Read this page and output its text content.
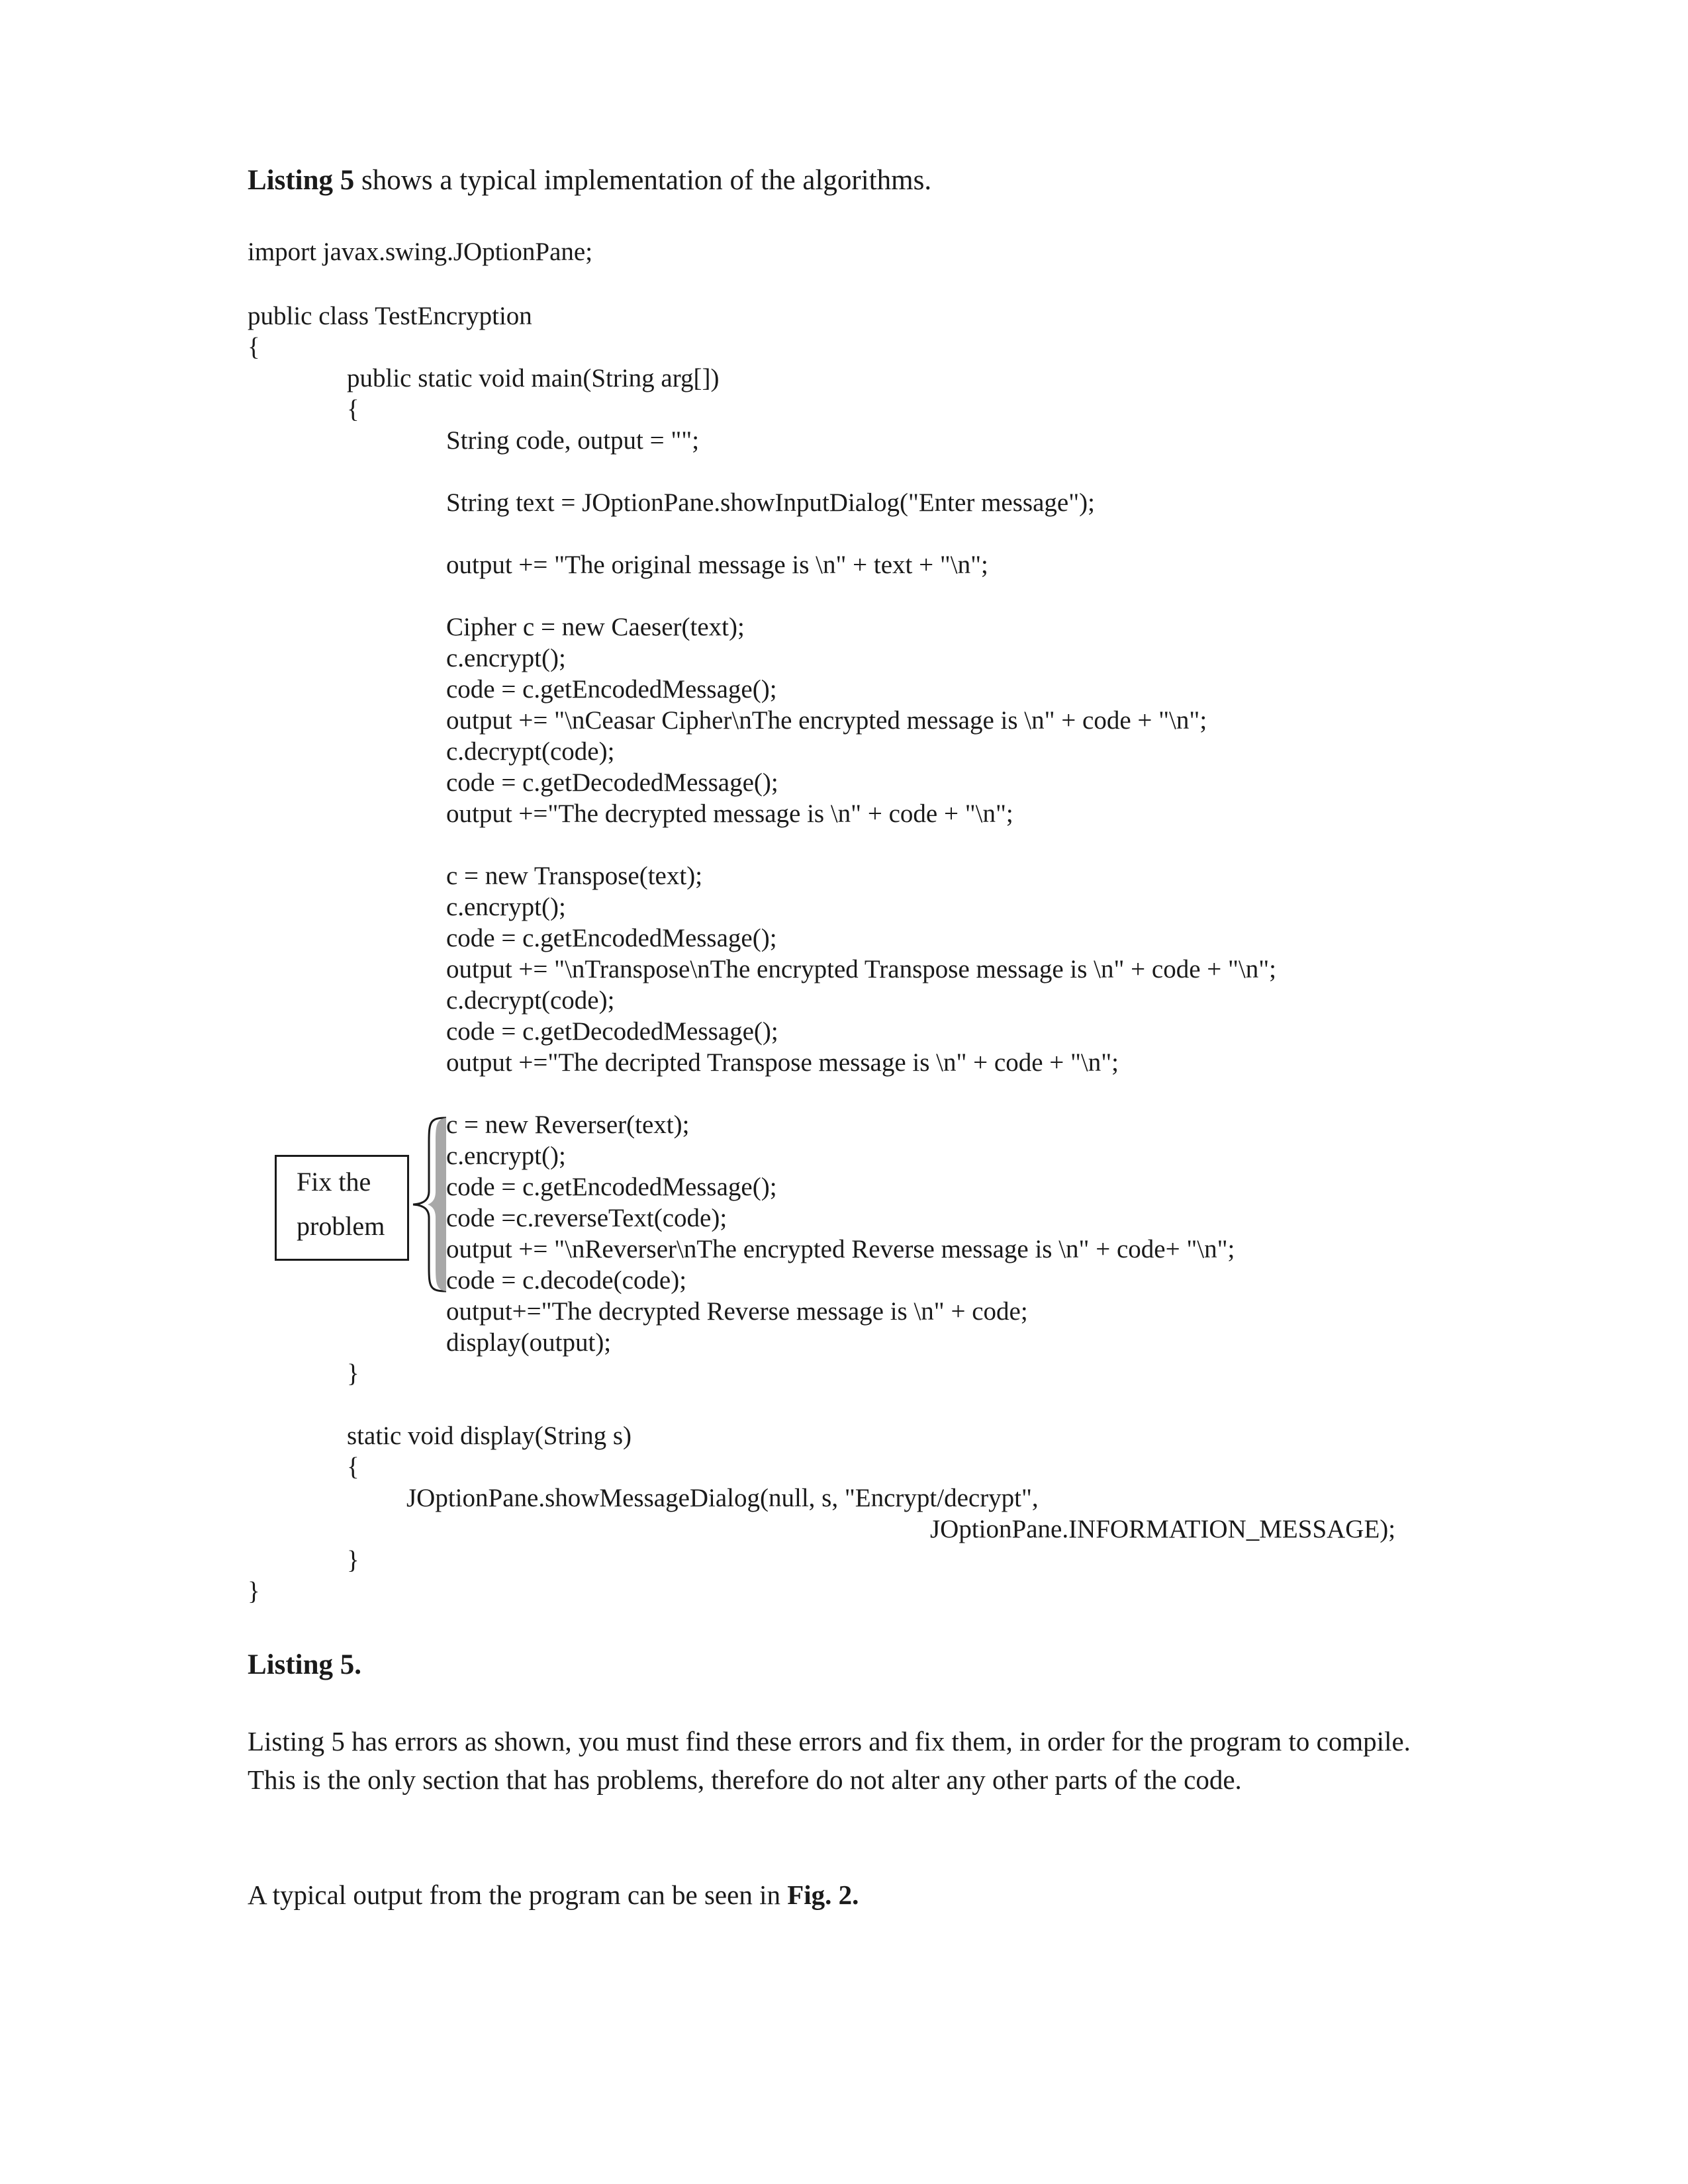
Listing 5 shows a typical implementation of the algorithms.
import javax.swing.JOptionPane;
public class TestEncryption
{
public static void main(String arg[])
{
String code, output = "";
String text = JOptionPane.showInputDialog("Enter message");
output += "The original message is \n" + text + "\n";
Cipher c = new Caeser(text);
c.encrypt();
code = c.getEncodedMessage();
output += "\nCeasar Cipher\nThe encrypted message is \n" + code + "\n";
c.decrypt(code);
code = c.getDecodedMessage();
output +="The decrypted message is \n" + code + "\n";
c = new Transpose(text);
c.encrypt();
code = c.getEncodedMessage();
output += "\nTranspose\nThe encrypted Transpose message is \n" + code + "\n";
c.decrypt(code);
code = c.getDecodedMessage();
output +="The decripted Transpose message is \n" + code + "\n";
c = new Reverser(text);
c.encrypt();
code = c.getEncodedMessage();
code =c.reverseText(code);
output += "\nReverser\nThe encrypted Reverse message is \n" + code+ "\n";
code = c.decode(code);
output+="The decrypted Reverse message is \n" + code;
display(output);
}
static void display(String s)
{
JOptionPane.showMessageDialog(null, s, "Encrypt/decrypt",
JOptionPane.INFORMATION_MESSAGE);
}
}
Fix the
problem
Listing 5.
Listing 5 has errors as shown, you must find these errors and fix them, in order for the program to compile. This is the only section that has problems, therefore do not alter any other parts of the code.
A typical output from the program can be seen in Fig. 2.
